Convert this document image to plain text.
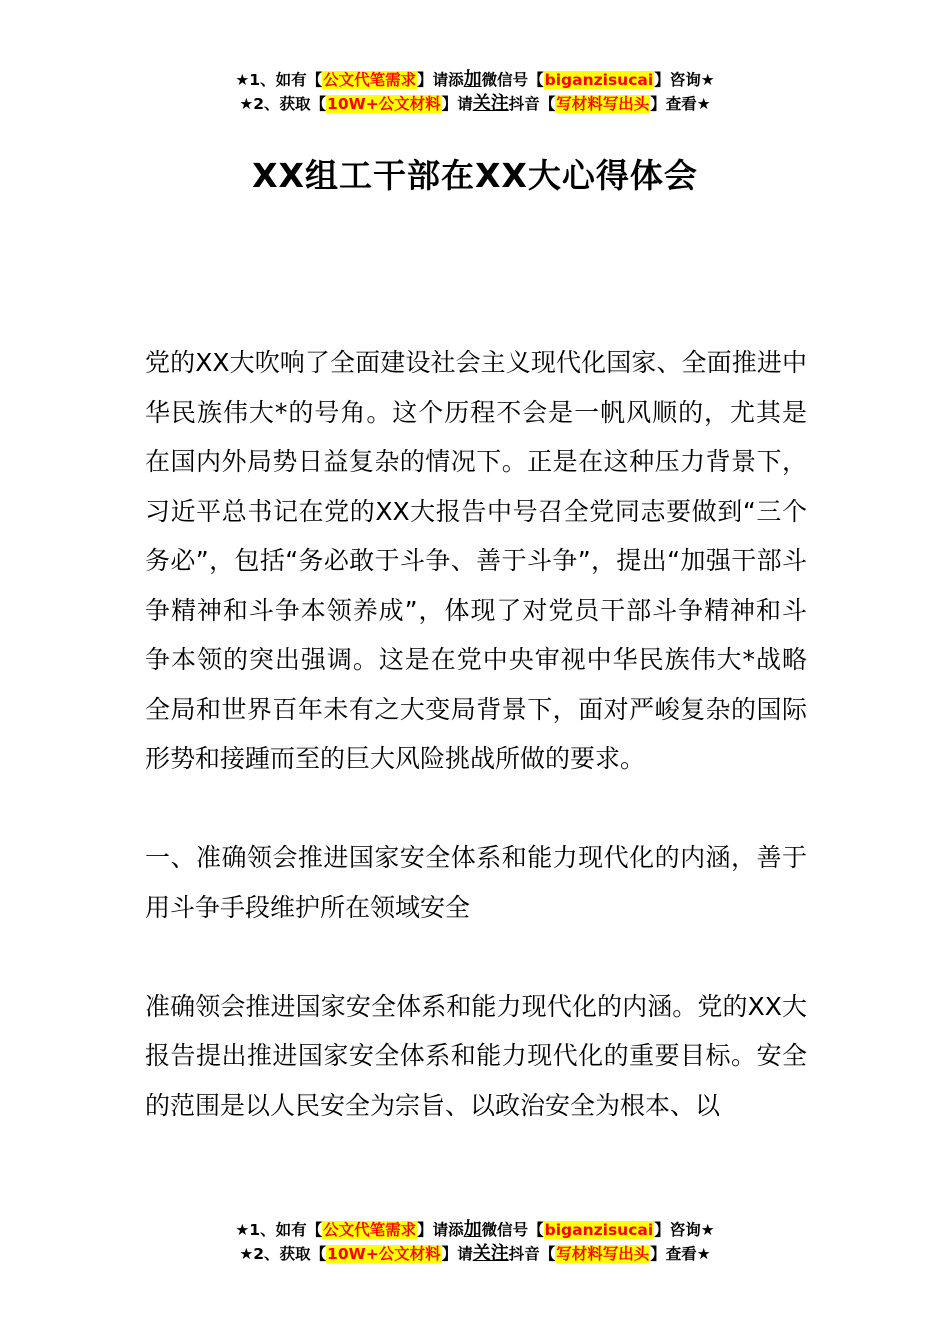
★1、如有【公文代笔需求】请添加微信号【biganzisucai】咨询★
★2、获取【10W+公文材料】请关注抖音【写材料写出头】查看★
XX组工干部在XX大心得体会

党的XX大吹响了全面建设社会主义现代化国家、全面推进中华民族伟大*的号角。这个历程不会是一帆风顺的，尤其是在国内外局势日益复杂的情况下。正是在这种压力背景下，习近平总书记在党的XX大报告中号召全党同志要做到“三个务必”，包括“务必敢于斗争、善于斗争”，提出“加强干部斗争精神和斗争本领养成”，体现了对党员干部斗争精神和斗争本领的突出强调。这是在党中央审视中华民族伟大*战略全局和世界百年未有之大变局背景下，面对严峻复杂的国际形势和接踵而至的巨大风险挑战所做的要求。

一、准确领会推进国家安全体系和能力现代化的内涵，善于用斗争手段维护所在领域安全

准确领会推进国家安全体系和能力现代化的内涵。党的XX大报告提出推进国家安全体系和能力现代化的重要目标。安全的范围是以人民安全为宗旨、以政治安全为根本、以

★1、如有【公文代笔需求】请添加微信号【biganzisucai】咨询★
★2、获取【10W+公文材料】请关注抖音【写材料写出头】查看★
